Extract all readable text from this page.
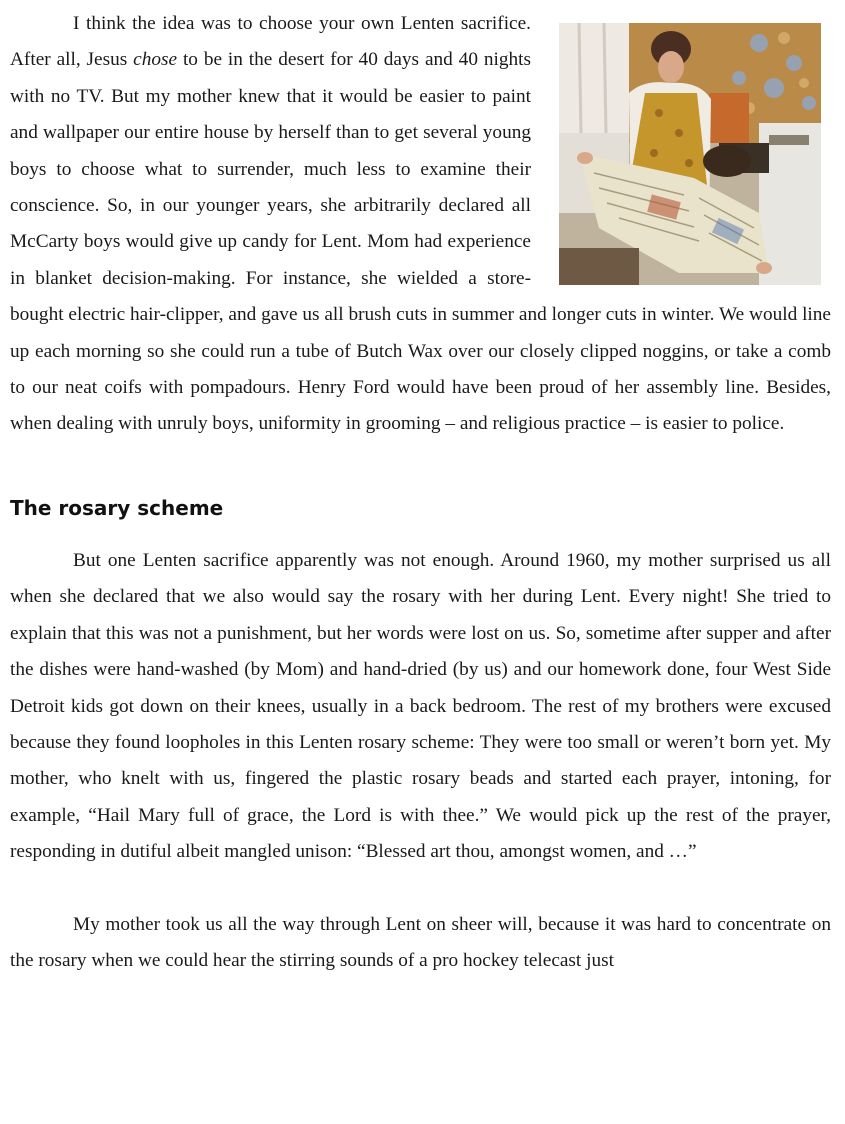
I think the idea was to choose your own Lenten sacrifice. After all, Jesus chose to be in the desert for 40 days and 40 nights with no TV. But my mother knew that it would be easier to paint and wallpaper our entire house by herself than to get several young boys to choose what to surrender, much less to examine their conscience. So, in our younger years, she arbitrarily declared all McCarty boys would give up candy for Lent. Mom had experience in blanket decision-making. For instance, she wielded a store-bought electric hair-clipper, and gave us all brush cuts in summer and longer cuts in winter. We would line up each morning so she could run a tube of Butch Wax over our closely clipped noggins, or take a comb to our neat coifs with pompadours. Henry Ford would have been proud of her assembly line. Besides, when dealing with unruly boys, uniformity in grooming – and religious practice – is easier to police.

The rosary scheme

But one Lenten sacrifice apparently was not enough. Around 1960, my mother surprised us all when she declared that we also would say the rosary with her during Lent. Every night! She tried to explain that this was not a punishment, but her words were lost on us. So, sometime after supper and after the dishes were hand-washed (by Mom) and hand-dried (by us) and our homework done, four West Side Detroit kids got down on their knees, usually in a back bedroom. The rest of my brothers were excused because they found loopholes in this Lenten rosary scheme: They were too small or weren’t born yet. My mother, who knelt with us, fingered the plastic rosary beads and started each prayer, intoning, for example, “Hail Mary full of grace, the Lord is with thee.” We would pick up the rest of the prayer, responding in dutiful albeit mangled unison: “Blessed art thou, amongst women, and …”

My mother took us all the way through Lent on sheer will, because it was hard to concentrate on the rosary when we could hear the stirring sounds of a pro hockey telecast just
